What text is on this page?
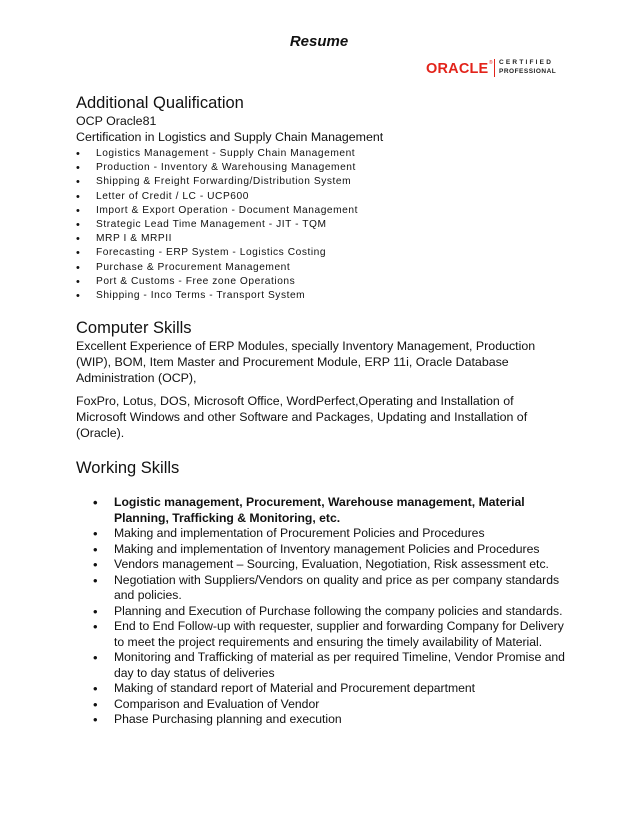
Resume
ORACLE ® CERTIFIED
PROFESSIONAL
Additional Qualification

OCP Oracle81

Certification in Logistics and Supply Chain Management

• Logistics Management - Supply Chain Management
• Production - Inventory & Warehousing Management
• Shipping & Freight Forwarding/Distribution System
• Letter of Credit / LC - UCP600
• Import & Export Operation - Document Management
• Strategic Lead Time Management - JIT - TQM
• MRP I & MRPII
• Forecasting - ERP System - Logistics Costing
• Purchase & Procurement Management
• Port & Customs - Free zone Operations
• Shipping - Inco Terms - Transport System
Computer Skills

Excellent Experience of ERP Modules, specially Inventory Management, Production (WIP), BOM, Item Master and Procurement Module, ERP 11i, Oracle Database Administration (OCP),

FoxPro, Lotus, DOS, Microsoft Office, WordPerfect,Operating and Installation of Microsoft Windows and other Software and Packages, Updating and Installation of (Oracle).

Working Skills
• Logistic management, Procurement, Warehouse management, Material Planning, Trafficking & Monitoring, etc.
• Making and implementation of Procurement Policies and Procedures
• Making and implementation of Inventory management Policies and Procedures
• Vendors management – Sourcing, Evaluation, Negotiation, Risk assessment etc.
• Negotiation with Suppliers/Vendors on quality and price as per company standards and policies.
• Planning and Execution of Purchase following the company policies and standards.
• End to End Follow-up with requester, supplier and forwarding Company for Delivery to meet the project requirements and ensuring the timely availability of Material.
• Monitoring and Trafficking of material as per required Timeline, Vendor Promise and day to day status of deliveries
• Making of standard report of Material and Procurement department
• Comparison and Evaluation of Vendor
• Phase Purchasing planning and execution
